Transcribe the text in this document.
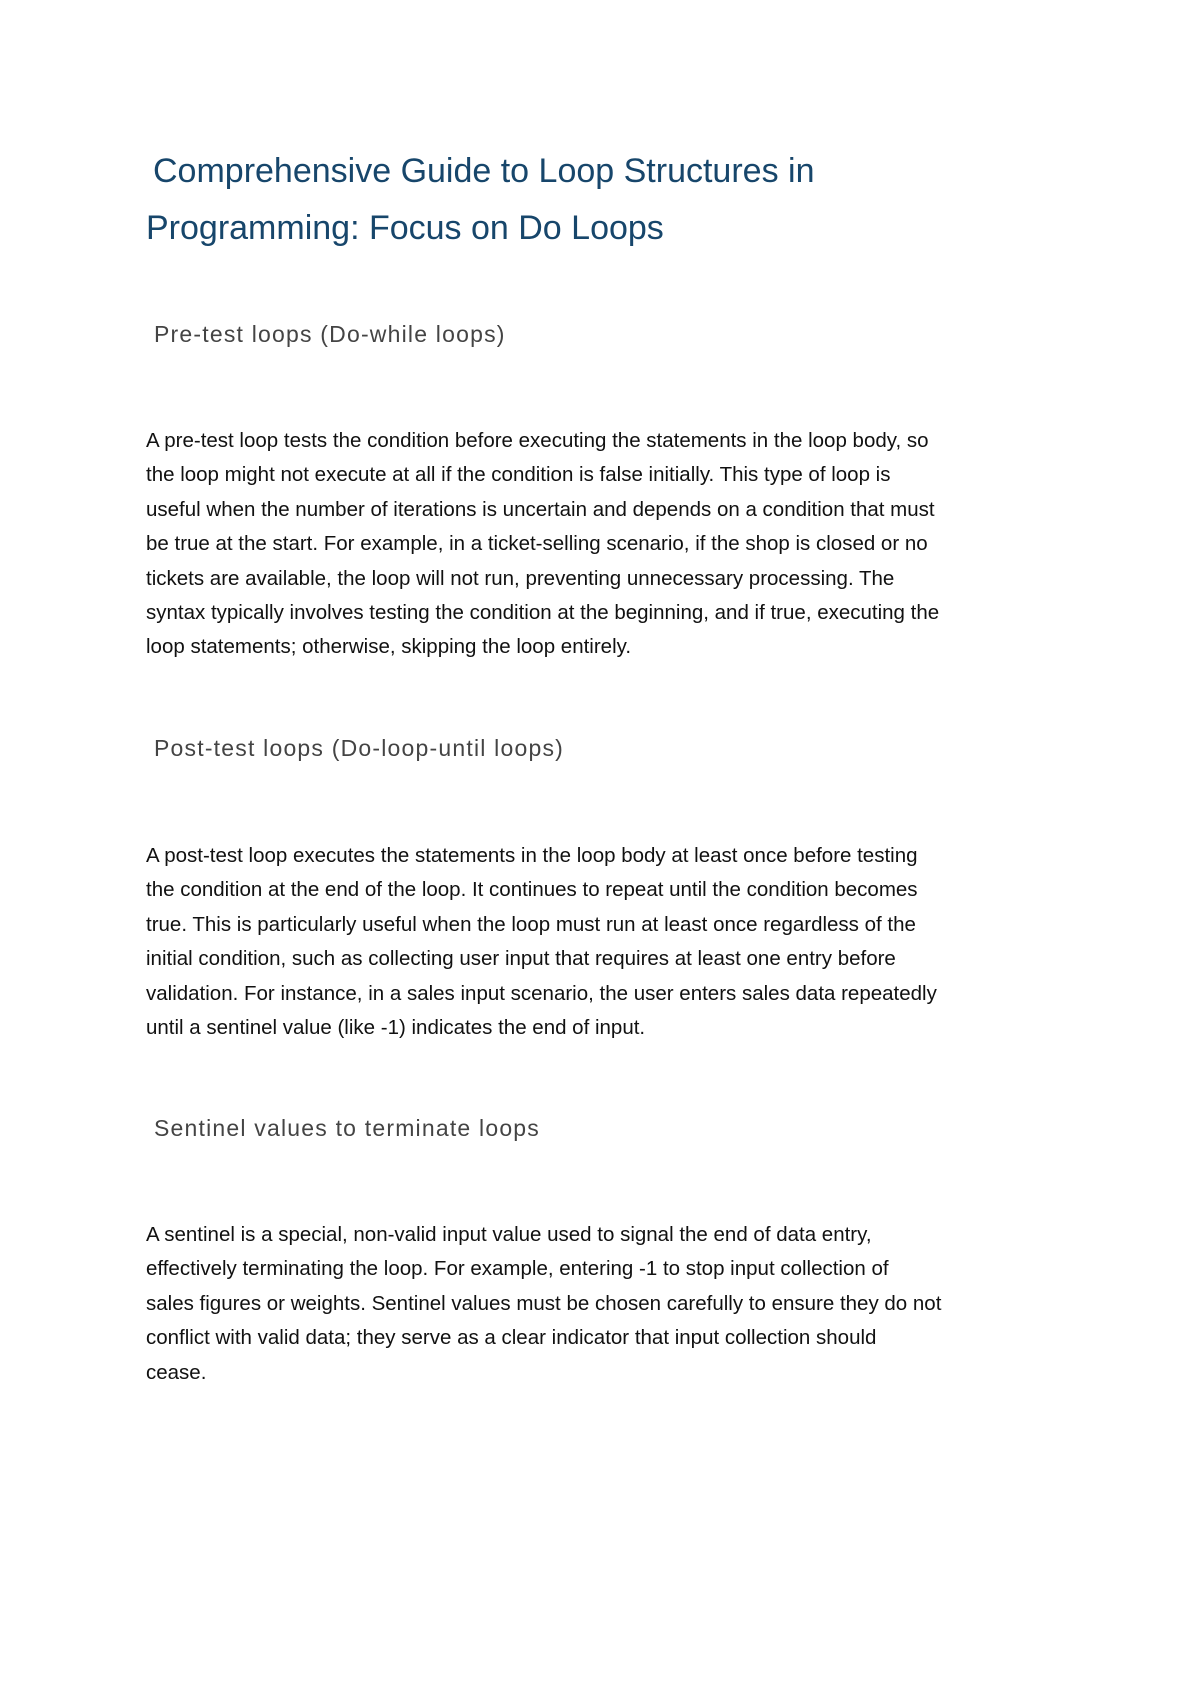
Comprehensive Guide to Loop Structures in
Programming: Focus on Do Loops
Pre-test loops (Do-while loops)

A pre-test loop tests the condition before executing the statements in the loop body, so
the loop might not execute at all if the condition is false initially. This type of loop is
useful when the number of iterations is uncertain and depends on a condition that must
be true at the start. For example, in a ticket-selling scenario, if the shop is closed or no
tickets are available, the loop will not run, preventing unnecessary processing. The
syntax typically involves testing the condition at the beginning, and if true, executing the
loop statements; otherwise, skipping the loop entirely.

Post-test loops (Do-loop-until loops)

A post-test loop executes the statements in the loop body at least once before testing
the condition at the end of the loop. It continues to repeat until the condition becomes
true. This is particularly useful when the loop must run at least once regardless of the
initial condition, such as collecting user input that requires at least one entry before
validation. For instance, in a sales input scenario, the user enters sales data repeatedly
until a sentinel value (like -1) indicates the end of input.

Sentinel values to terminate loops

A sentinel is a special, non-valid input value used to signal the end of data entry,
effectively terminating the loop. For example, entering -1 to stop input collection of
sales figures or weights. Sentinel values must be chosen carefully to ensure they do not
conflict with valid data; they serve as a clear indicator that input collection should
cease.
